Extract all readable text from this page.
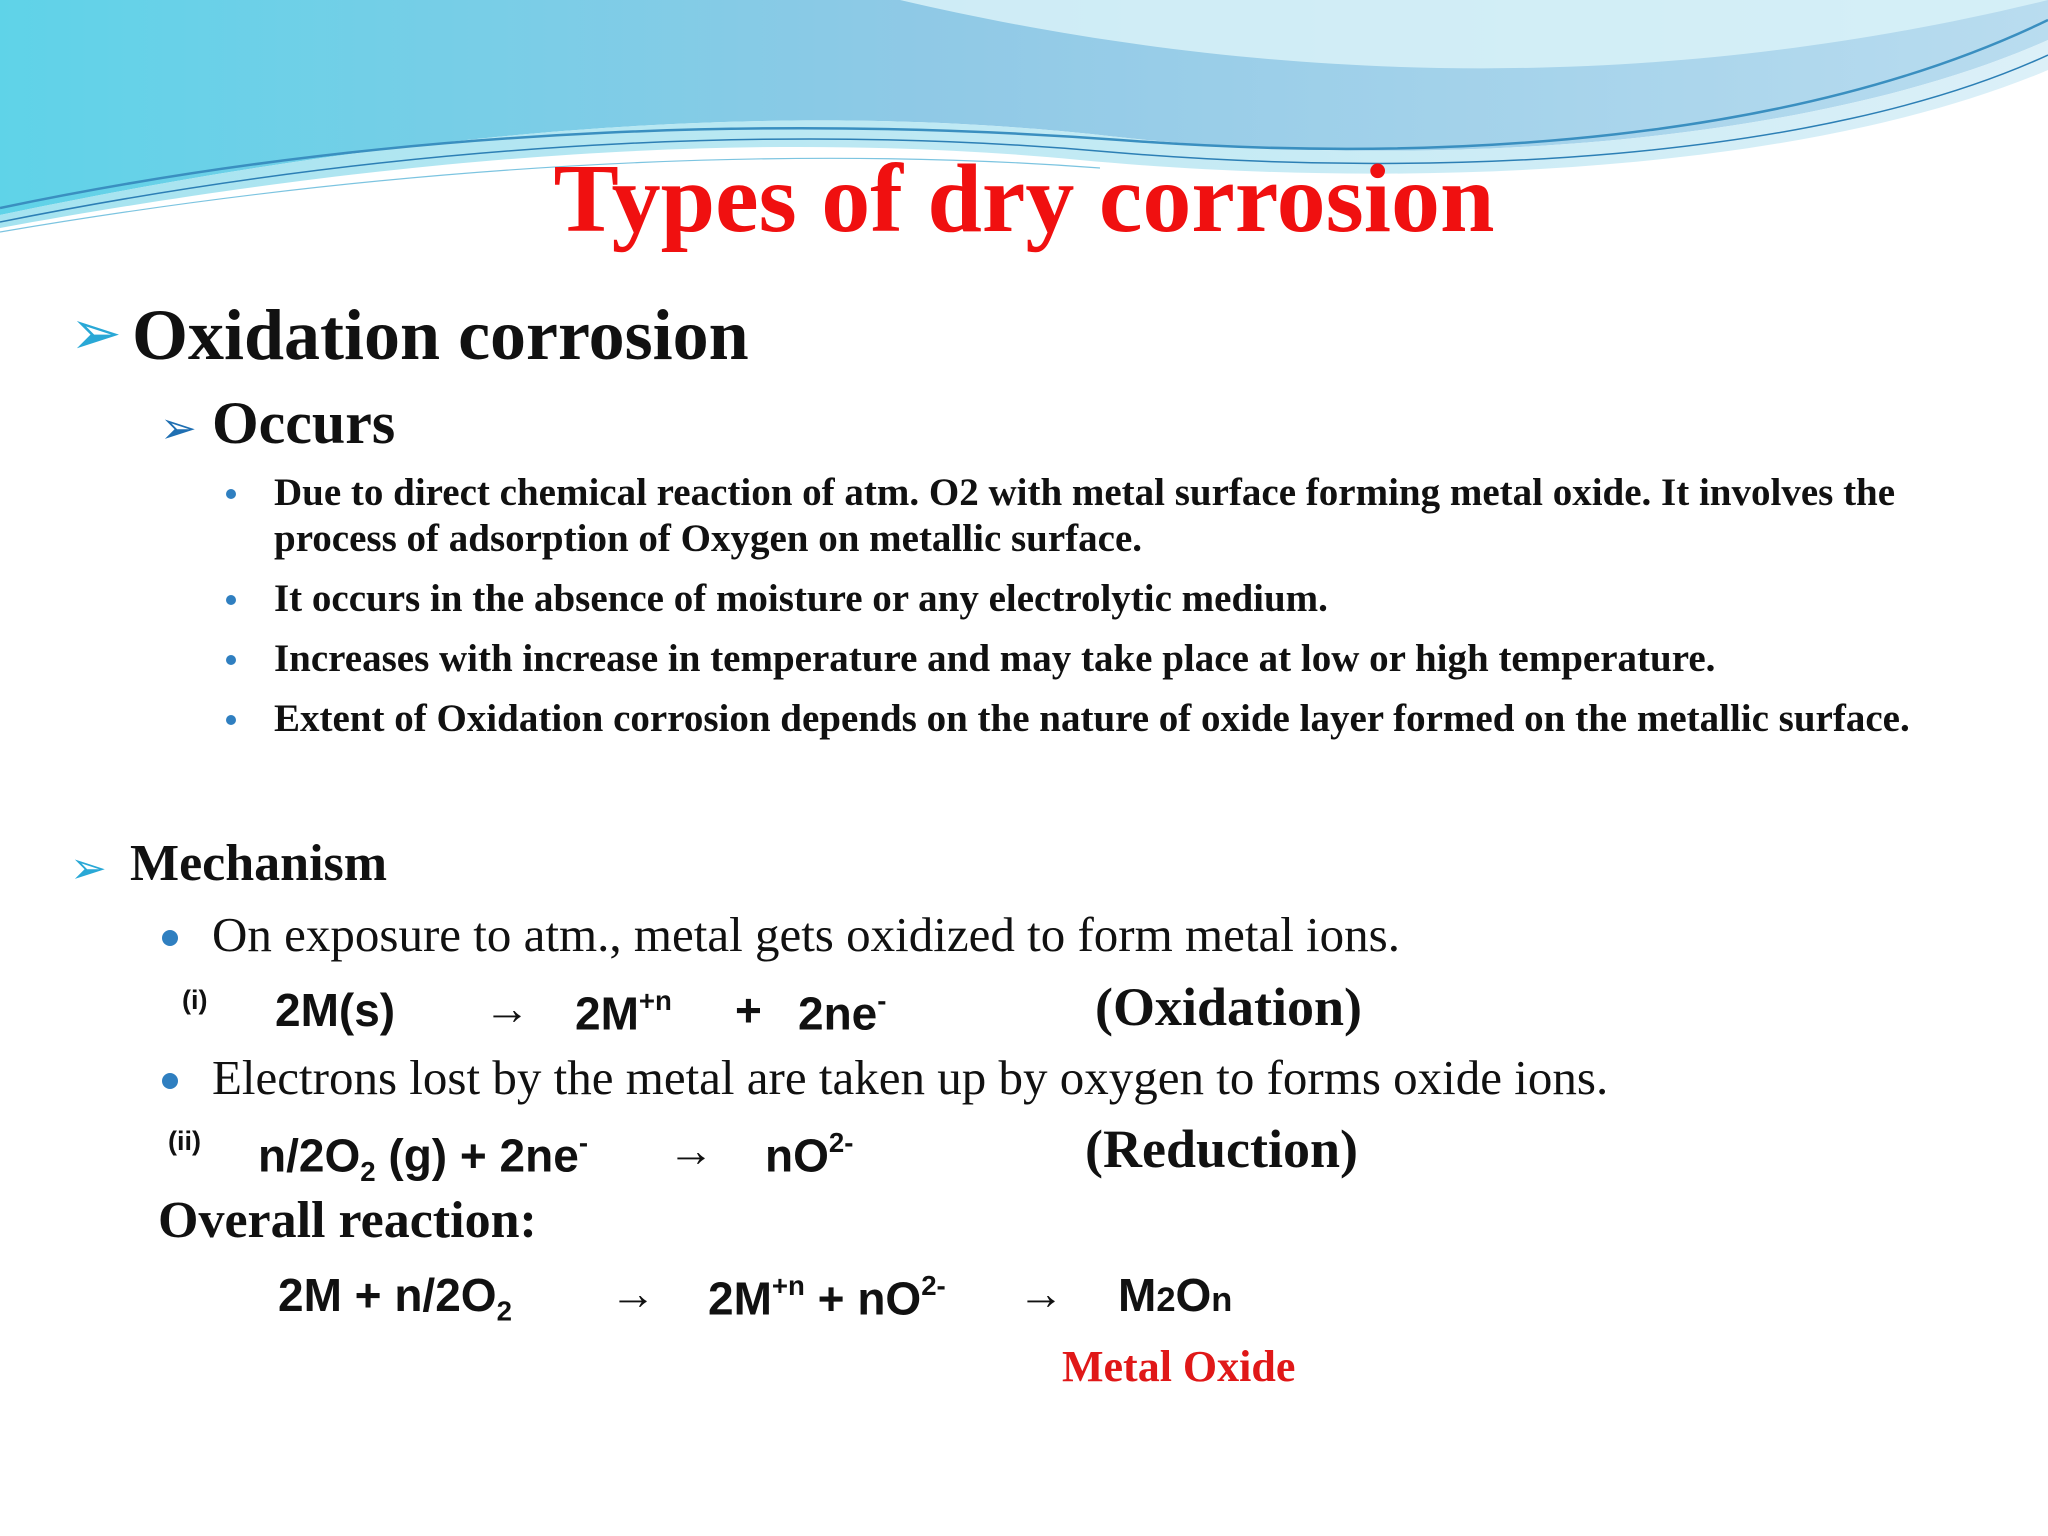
Types of dry corrosion
➢ Oxidation corrosion
➢ Occurs
Due to direct chemical reaction of atm. O2 with metal surface forming metal oxide. It involves the process of adsorption of Oxygen on metallic surface.
It occurs in the absence of moisture or any electrolytic medium.
Increases with increase in temperature and may take place at low or high temperature.
Extent of Oxidation corrosion depends on the nature of oxide layer formed on the metallic surface.
➢ Mechanism
On exposure to atm., metal gets oxidized to form metal ions.
(i) $2M(s) \to 2M^{+n} + 2ne^-$	(Oxidation)
Electrons lost by the metal are taken up by oxygen to forms oxide ions.
(ii) $n/2O_2$ $(g) + 2ne^- \to nO^{2-}$	(Reduction)
Overall reaction:
$2M + n/2O_2 \to 2M^{+n} + nO^{2-} \to M2On$
Metal Oxide
